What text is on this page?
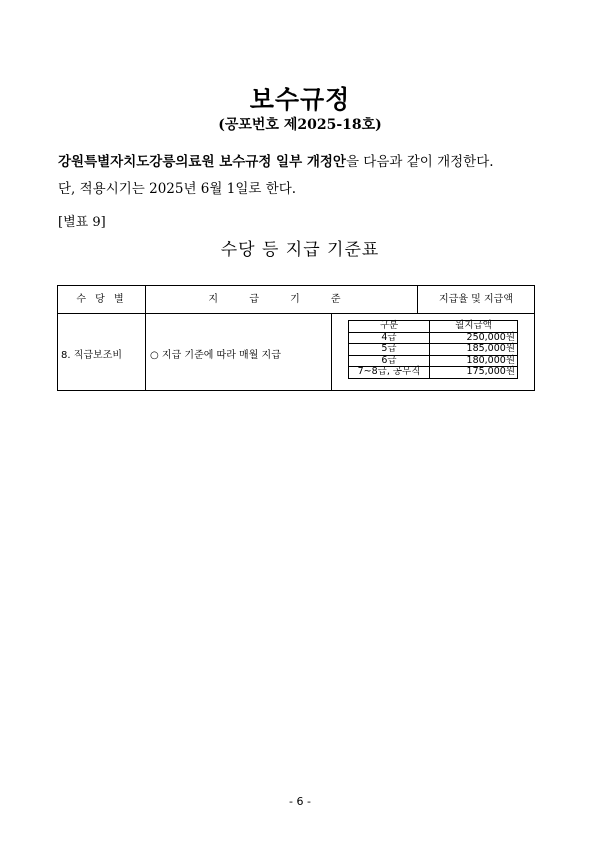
보수규정
(공포번호 제2025-18호)
강원특별자치도강릉의료원 보수규정 일부 개정안을 다음과 같이 개정한다.
단, 적용시기는 2025년 6월 1일로 한다.
[별표 9]
수당 등 지급 기준표
수 당 별	지 급 기 준	지급율 및 지급액
8. 직급보조비	○ 지급 기준에 따라 매월 지급
구분	월지급액
4급	250,000원
5급	185,000원
6급	180,000원
7~8급, 공무직	175,000원
- 6 -
